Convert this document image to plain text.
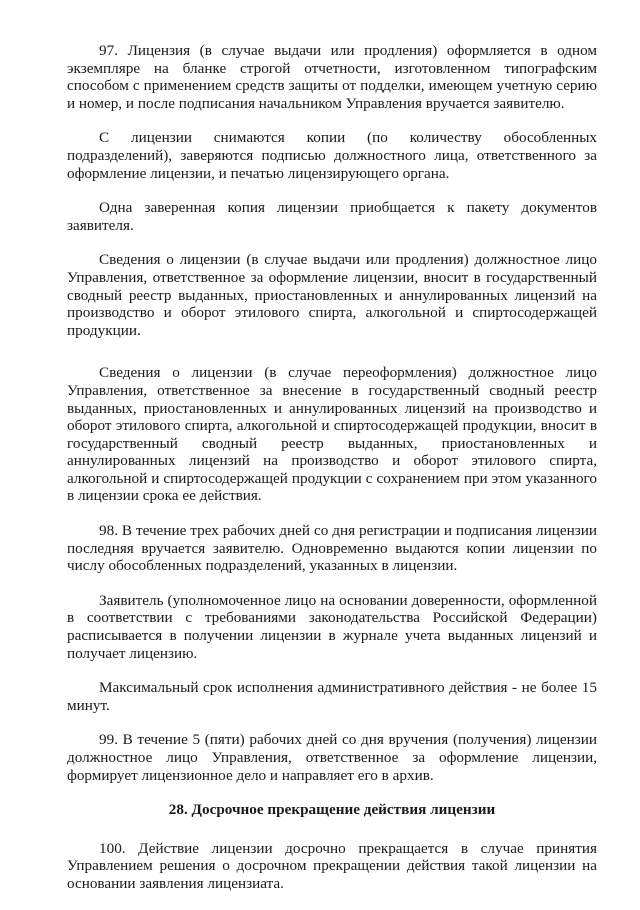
97. Лицензия (в случае выдачи или продления) оформляется в одном экземпляре на бланке строгой отчетности, изготовленном типографским способом с применением средств защиты от подделки, имеющем учетную серию и номер, и после подписания начальником Управления вручается заявителю.

С лицензии снимаются копии (по количеству обособленных подразделений), заверяются подписью должностного лица, ответственного за оформление лицензии, и печатью лицензирующего органа.

Одна заверенная копия лицензии приобщается к пакету документов заявителя.

Сведения о лицензии (в случае выдачи или продления) должностное лицо Управления, ответственное за оформление лицензии, вносит в государственный сводный реестр выданных, приостановленных и аннулированных лицензий на производство и оборот этилового спирта, алкогольной и спиртосодержащей продукции.

Сведения о лицензии (в случае переоформления) должностное лицо Управления, ответственное за внесение в государственный сводный реестр выданных, приостановленных и аннулированных лицензий на производство и оборот этилового спирта, алкогольной и спиртосодержащей продукции, вносит в государственный сводный реестр выданных, приостановленных и аннулированных лицензий на производство и оборот этилового спирта, алкогольной и спиртосодержащей продукции с сохранением при этом указанного в лицензии срока ее действия.

98. В течение трех рабочих дней со дня регистрации и подписания лицензии последняя вручается заявителю. Одновременно выдаются копии лицензии по числу обособленных подразделений, указанных в лицензии.

Заявитель (уполномоченное лицо на основании доверенности, оформленной в соответствии с требованиями законодательства Российской Федерации) расписывается в получении лицензии в журнале учета выданных лицензий и получает лицензию.

Максимальный срок исполнения административного действия - не более 15 минут.

99. В течение 5 (пяти) рабочих дней со дня вручения (получения) лицензии должностное лицо Управления, ответственное за оформление лицензии, формирует лицензионное дело и направляет его в архив.

28. Досрочное прекращение действия лицензии

100. Действие лицензии досрочно прекращается в случае принятия Управлением решения о досрочном прекращении действия такой лицензии на основании заявления лицензиата.
